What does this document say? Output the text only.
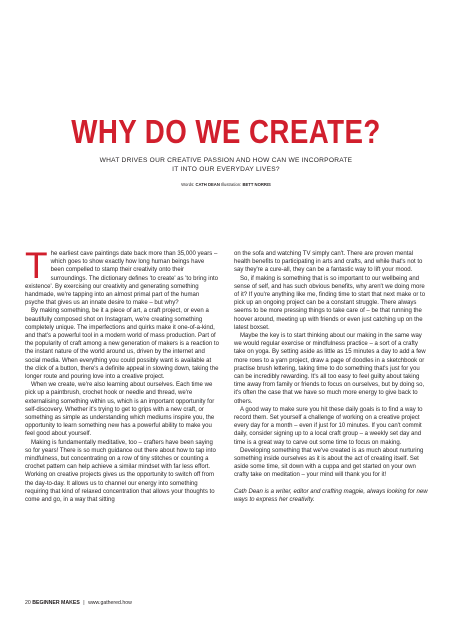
WHY DO WE CREATE?
WHAT DRIVES OUR CREATIVE PASSION AND HOW CAN WE INCORPORATE IT INTO OUR EVERYDAY LIVES?
Words: CATH DEAN Illustration: BETT NORRIS

The earliest cave paintings date back more than 35,000 years – which goes to show exactly how long human beings have been compelled to stamp their creativity onto their surroundings. The dictionary defines 'to create' as 'to bring into existence'. By exercising our creativity and generating something handmade, we're tapping into an almost primal part of the human psyche that gives us an innate desire to make – but why?

By making something, be it a piece of art, a craft project, or even a beautifully composed shot on Instagram, we're creating something completely unique. The imperfections and quirks make it one-of-a-kind, and that's a powerful tool in a modern world of mass production. Part of the popularity of craft among a new generation of makers is a reaction to the instant nature of the world around us, driven by the internet and social media. When everything you could possibly want is available at the click of a button, there's a definite appeal in slowing down, taking the longer route and pouring love into a creative project.

When we create, we're also learning about ourselves. Each time we pick up a paintbrush, crochet hook or needle and thread, we're externalising something within us, which is an important opportunity for self-discovery. Whether it's trying to get to grips with a new craft, or something as simple as understanding which mediums inspire you, the opportunity to learn something new has a powerful ability to make you feel good about yourself.

Making is fundamentally meditative, too – crafters have been saying so for years! There is so much guidance out there about how to tap into mindfulness, but concentrating on a row of tiny stitches or counting a crochet pattern can help achieve a similar mindset with far less effort. Working on creative projects gives us the opportunity to switch off from the day-to-day. It allows us to channel our energy into something requiring that kind of relaxed concentration that allows your thoughts to come and go, in a way that sitting

on the sofa and watching TV simply can't. There are proven mental health benefits to participating in arts and crafts, and while that's not to say they're a cure-all, they can be a fantastic way to lift your mood.

So, if making is something that is so important to our wellbeing and sense of self, and has such obvious benefits, why aren't we doing more of it? If you're anything like me, finding time to start that next make or to pick up an ongoing project can be a constant struggle. There always seems to be more pressing things to take care of – be that running the hoover around, meeting up with friends or even just catching up on the latest boxset.

Maybe the key is to start thinking about our making in the same way we would regular exercise or mindfulness practice – a sort of a crafty take on yoga. By setting aside as little as 15 minutes a day to add a few more rows to a yarn project, draw a page of doodles in a sketchbook or practise brush lettering, taking time to do something that's just for you can be incredibly rewarding. It's all too easy to feel guilty about taking time away from family or friends to focus on ourselves, but by doing so, it's often the case that we have so much more energy to give back to others.

A good way to make sure you hit these daily goals is to find a way to record them. Set yourself a challenge of working on a creative project every day for a month – even if just for 10 minutes. If you can't commit daily, consider signing up to a local craft group – a weekly set day and time is a great way to carve out some time to focus on making.

Developing something that we've created is as much about nurturing something inside ourselves as it is about the act of creating itself. Set aside some time, sit down with a cuppa and get started on your own crafty take on meditation – your mind will thank you for it!

Cath Dean is a writer, editor and crafting magpie, always looking for new ways to express her creativity.

20 BEGINNER MAKES | www.gathered.how
